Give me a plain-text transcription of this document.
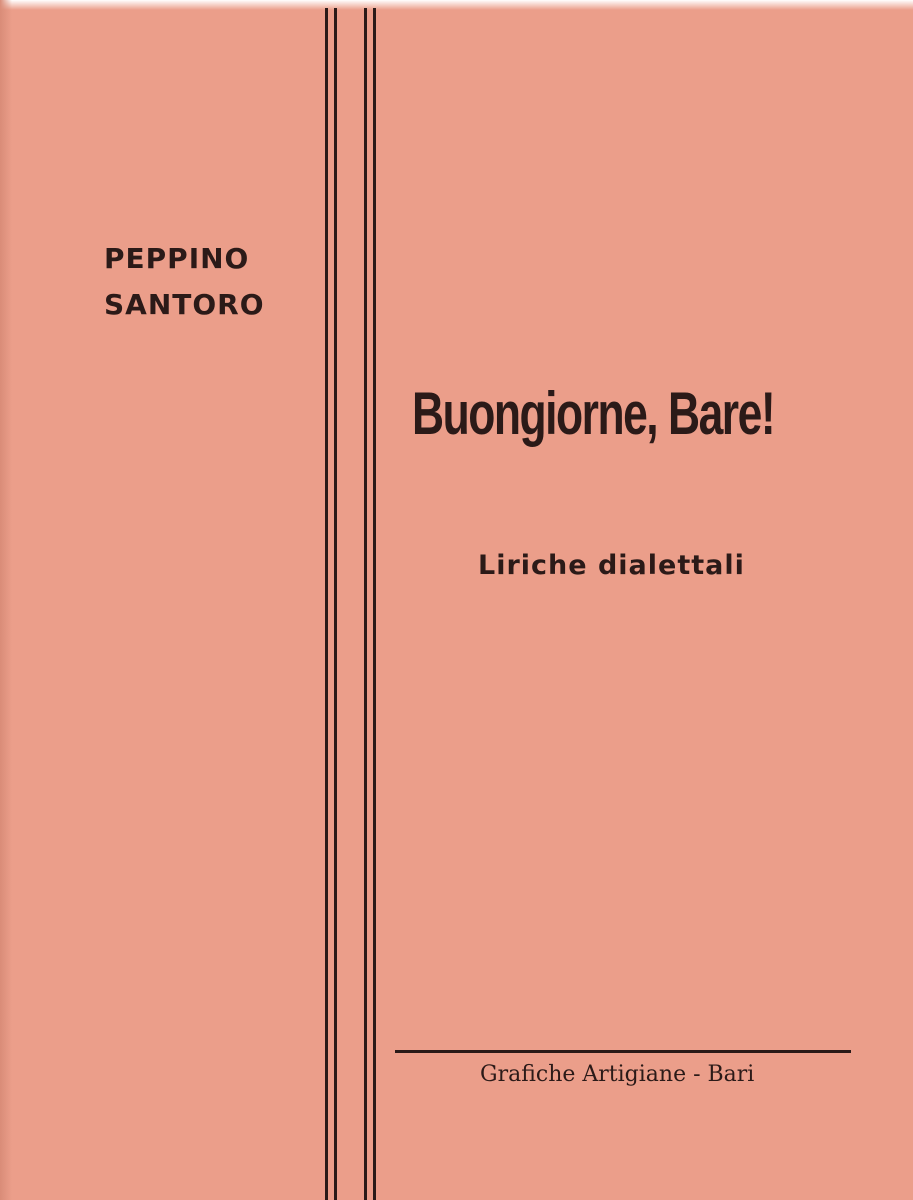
PEPPINO
SANTORO
Buongiorne, Bare!
Liriche dialettali

Grafiche Artigiane - Bari
